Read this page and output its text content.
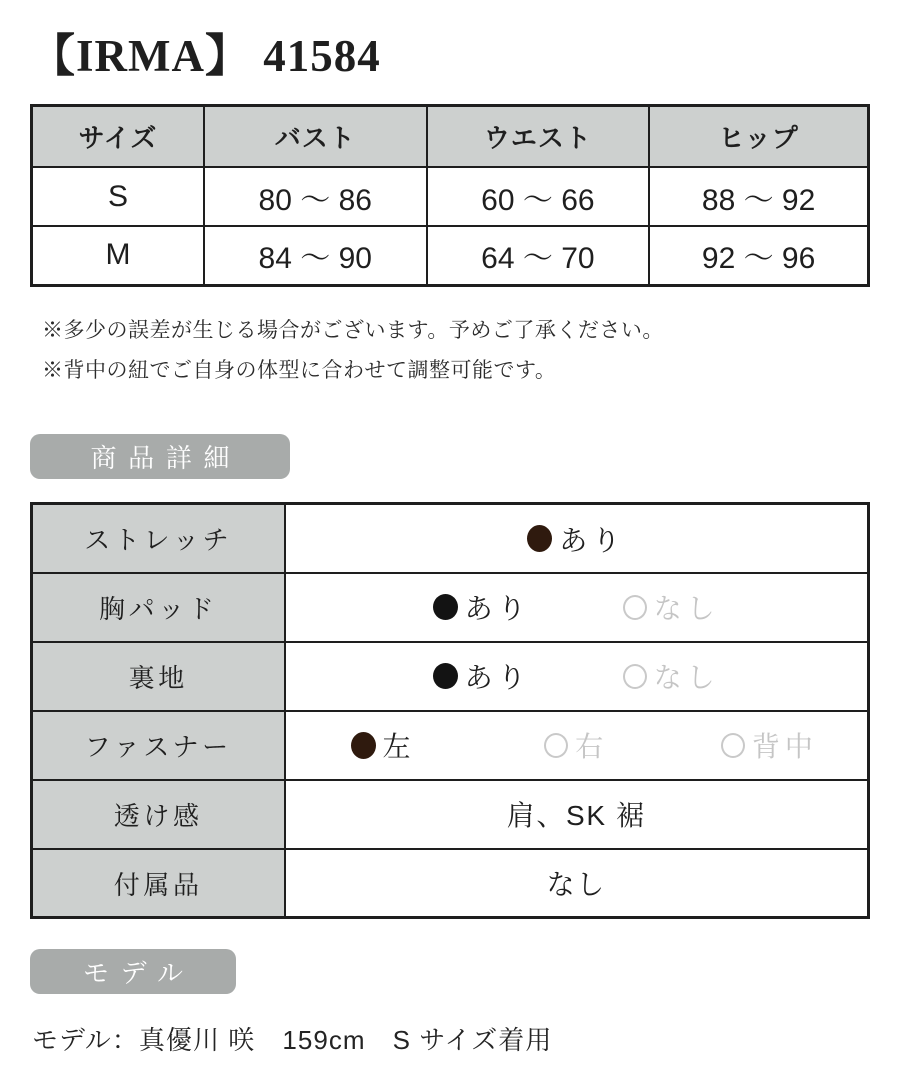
【IRMA】 41584
サイズ	バスト	ウエスト	ヒップ
S	80 〜 86	60 〜 66	88 〜 92
M	84 〜 90	64 〜 70	92 〜 96
※多少の誤差が生じる場合がございます。予めご了承ください。
※背中の紐でご自身の体型に合わせて調整可能です。
商品詳細
ストレッチ	あり

胸パッド	あり なし

裏地	あり なし

ファスナー	左 右 背中

透け感	肩、SK 裾

付属品	なし
モデル
モデル：真優川 咲　159cm　S サイズ着用
